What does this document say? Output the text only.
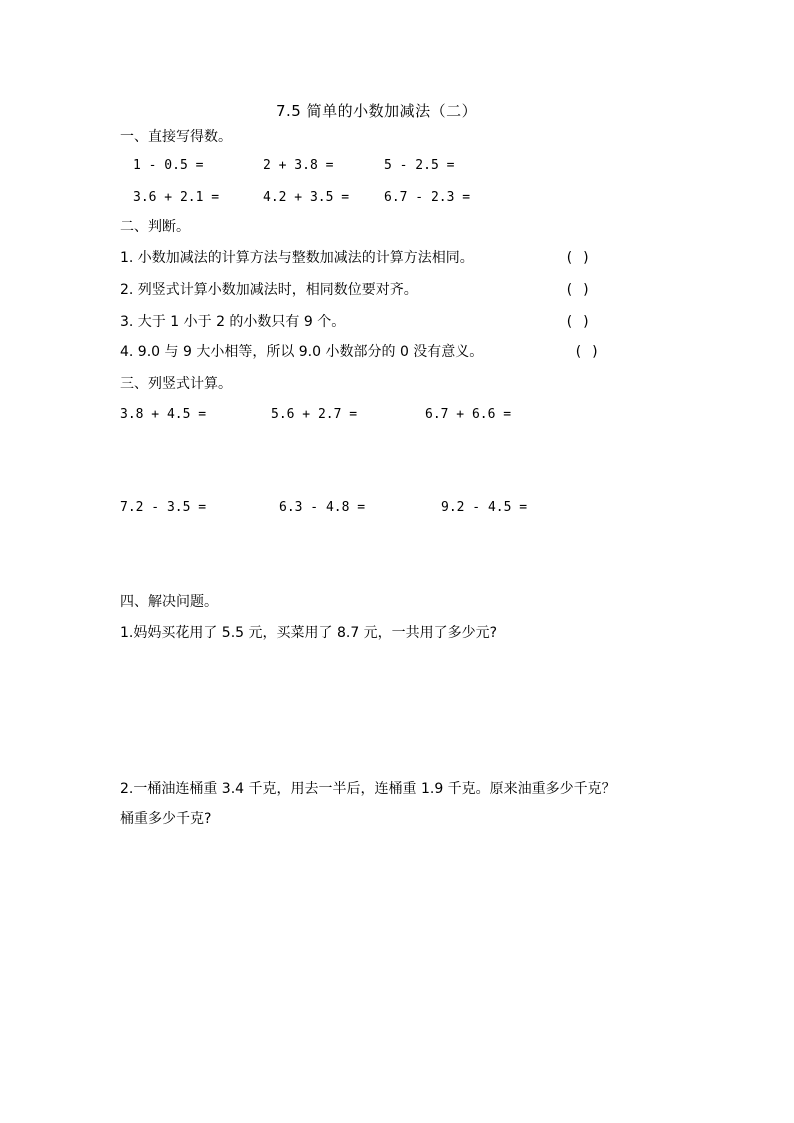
7.5 简单的小数加减法（二）
一、直接写得数。
1 - 0.5 =	2 + 3.8 =	5 - 2.5 =
3.6 + 2.1 =	4.2 + 3.5 =	6.7 - 2.3 =
二、判断。
1. 小数加减法的计算方法与整数加减法的计算方法相同。	( )
2. 列竖式计算小数加减法时，相同数位要对齐。	( )
3. 大于 1 小于 2 的小数只有 9 个。	( )
4. 9.0 与 9 大小相等，所以 9.0 小数部分的 0 没有意义。	( )
三、列竖式计算。
3.8 + 4.5 =	5.6 + 2.7 =	6.7 + 6.6 =
7.2 - 3.5 =	6.3 - 4.8 =	9.2 - 4.5 =
四、解决问题。
1.妈妈买花用了 5.5 元，买菜用了 8.7 元，一共用了多少元?
2.一桶油连桶重 3.4 千克，用去一半后，连桶重 1.9 千克。原来油重多少千克？
桶重多少千克?
